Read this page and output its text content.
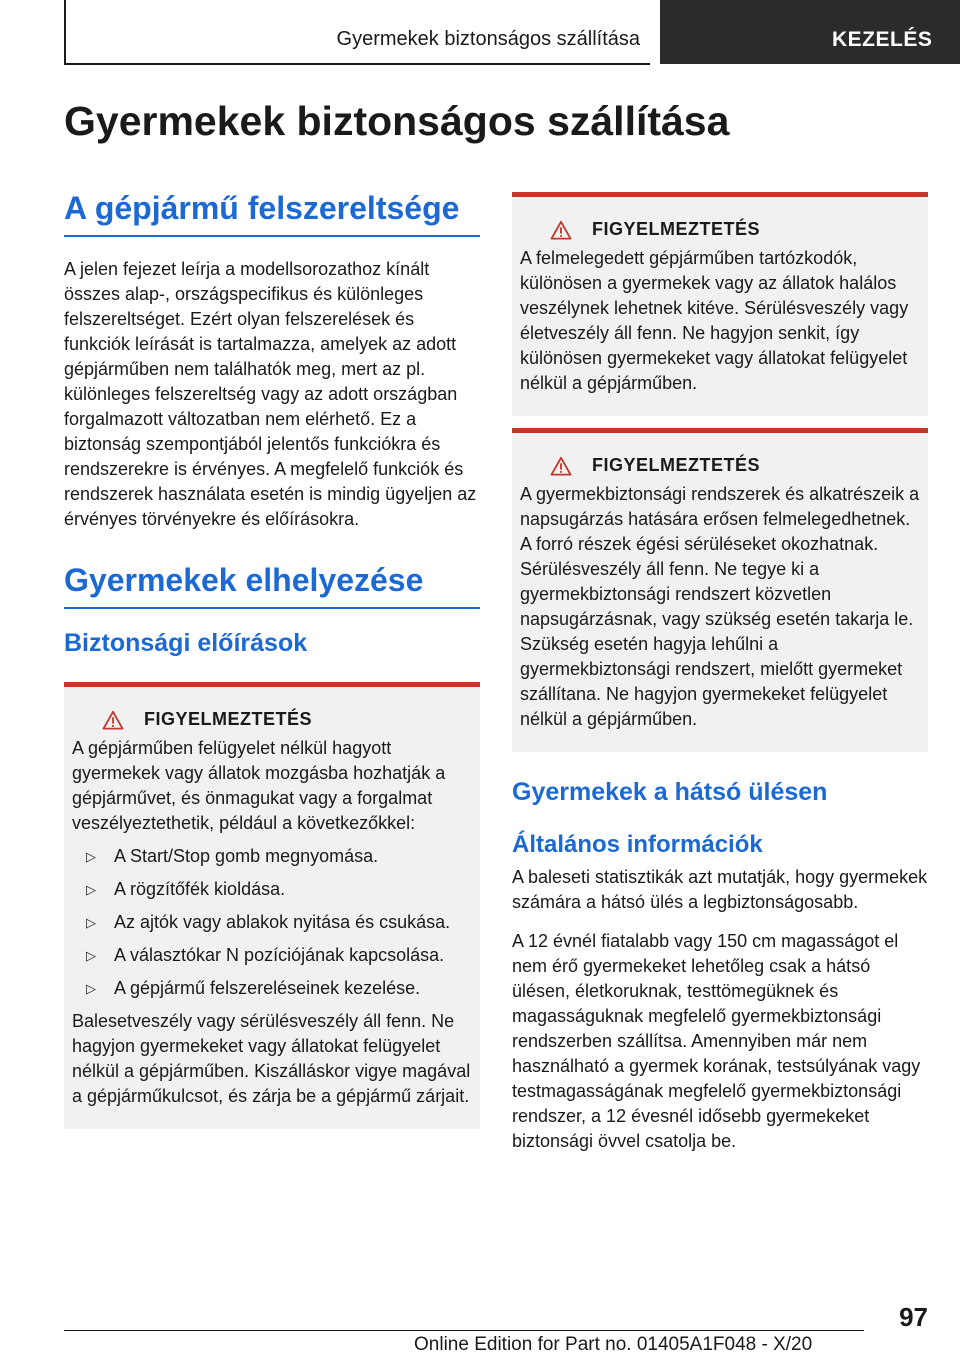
Gyermekek biztonságos szállítása	KEZELÉS
Gyermekek biztonságos szállítása
A gépjármű felszereltsége

A jelen fejezet leírja a modellsorozathoz kínált összes alap-, országspecifikus és különleges felszereltséget. Ezért olyan felszerelések és funkciók leírását is tartalmazza, amelyek az adott gépjárműben nem találhatók meg, mert az pl. különleges felszereltség vagy az adott országban forgalmazott változatban nem elérhető. Ez a biztonság szempontjából jelentős funkciókra és rendszerekre is érvényes. A megfelelő funkciók és rendszerek használata esetén is mindig ügyeljen az érvényes törvényekre és előírásokra.

Gyermekek elhelyezése
Biztonsági előírások
FIGYELMEZTETÉS

A gépjárműben felügyelet nélkül hagyott gyermekek vagy állatok mozgásba hozhatják a gépjárművet, és önmagukat vagy a forgalmat veszélyeztethetik, például a következőkkel:

▷ A Start/Stop gomb megnyomása.
▷ A rögzítőfék kioldása.
▷ Az ajtók vagy ablakok nyitása és csukása.
▷ A választókar N pozíciójának kapcsolása.
▷ A gépjármű felszereléseinek kezelése.

Balesetveszély vagy sérülésveszély áll fenn. Ne hagyjon gyermekeket vagy állatokat felügyelet nélkül a gépjárműben. Kiszálláskor vigye magával a gépjárműkulcsot, és zárja be a gépjármű zárjait.

FIGYELMEZTETÉS

A felmelegedett gépjárműben tartózkodók, különösen a gyermekek vagy az állatok halálos veszélynek lehetnek kitéve. Sérülésveszély vagy életveszély áll fenn. Ne hagyjon senkit, így különösen gyermekeket vagy állatokat felügyelet nélkül a gépjárműben.

FIGYELMEZTETÉS

A gyermekbiztonsági rendszerek és alkatrészeik a napsugárzás hatására erősen felmelegedhetnek. A forró részek égési sérüléseket okozhatnak. Sérülésveszély áll fenn. Ne tegye ki a gyermekbiztonsági rendszert közvetlen napsugárzásnak, vagy szükség esetén takarja le. Szükség esetén hagyja lehűlni a gyermekbiztonsági rendszert, mielőtt gyermeket szállítana. Ne hagyjon gyermekeket felügyelet nélkül a gépjárműben.

Gyermekek a hátsó ülésen
Általános információk

A baleseti statisztikák azt mutatják, hogy gyermekek számára a hátsó ülés a legbiztonságosabb.

A 12 évnél fiatalabb vagy 150 cm magasságot el nem érő gyermekeket lehetőleg csak a hátsó ülésen, életkoruknak, testtömegüknek és magasságuknak megfelelő gyermekbiztonsági rendszerben szállítsa. Amennyiben már nem használható a gyermek korának, testsúlyának vagy testmagasságának megfelelő gyermekbiztonsági rendszer, a 12 évesnél idősebb gyermekeket biztonsági övvel csatolja be.

97
Online Edition for Part no. 01405A1F048 - X/20
